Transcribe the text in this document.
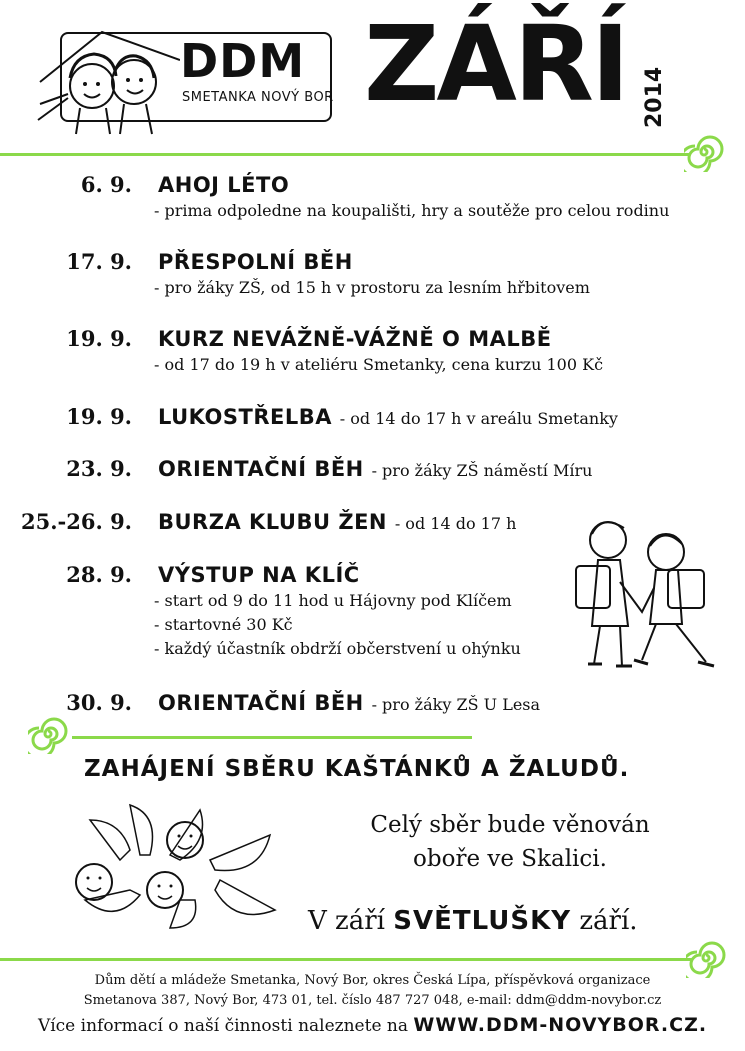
DDM
SMETANKA NOVÝ BOR ZÁŘÍ 2014
6. 9. AHOJ LÉTO
- prima odpoledne na koupališti, hry a soutěže pro celou rodinu
17. 9. PŘESPOLNÍ BĚH
- pro žáky ZŠ, od 15 h v prostoru za lesním hřbitovem
19. 9. KURZ NEVÁŽNĚ-VÁŽNĚ O MALBĚ
- od 17 do 19 h v ateliéru Smetanky, cena kurzu 100 Kč
19. 9. LUKOSTŘELBA - od 14 do 17 h v areálu Smetanky
23. 9. ORIENTAČNÍ BĚH - pro žáky ZŠ náměstí Míru
25.-26. 9. BURZA KLUBU ŽEN - od 14 do 17 h
28. 9. VÝSTUP NA KLÍČ
- start od 9 do 11 hod u Hájovny pod Klíčem
- startovné 30 Kč
- každý účastník obdrží občerstvení u ohýnku
30. 9. ORIENTAČNÍ BĚH - pro žáky ZŠ U Lesa
ZAHÁJENÍ SBĚRU KAŠTÁNKŮ A ŽALUDŮ.
Celý sběr bude věnován
oboře ve Skalici.
V září SVĚTLUŠKY září.
Dům dětí a mládeže Smetanka, Nový Bor, okres Česká Lípa, příspěvková organizace
Smetanova 387, Nový Bor, 473 01, tel. číslo 487 727 048, e-mail: ddm@ddm-novybor.cz
Více informací o naší činnosti naleznete na WWW.DDM-NOVYBOR.CZ.
